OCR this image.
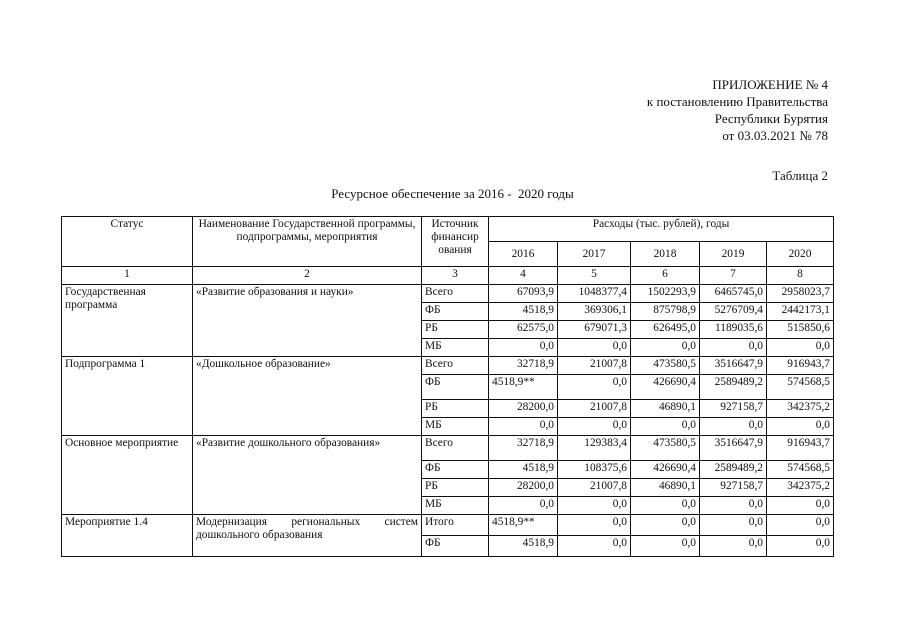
ПРИЛОЖЕНИЕ № 4
к постановлению Правительства
Республики Бурятия
от 03.03.2021 № 78
Таблица 2
Ресурсное обеспечение за 2016 -  2020 годы
Статус	Наименование Государственной программы, подпрограммы, мероприятия	Источник финансир ования	Расходы (тыс. рублей), годы				
			2016	2017	2018	2019	2020
1	2	3	4	5	6	7	8
Государственная программа	«Развитие образования и науки»	Всего	67093,9	1048377,4	1502293,9	6465745,0	2958023,7
		ФБ	4518,9	369306,1	875798,9	5276709,4	2442173,1
		РБ	62575,0	679071,3	626495,0	1189035,6	515850,6
		МБ	0,0	0,0	0,0	0,0	0,0
Подпрограмма 1	«Дошкольное образование»	Всего	32718,9	21007,8	473580,5	3516647,9	916943,7
		ФБ	4518,9**	0,0	426690,4	2589489,2	574568,5
		РБ	28200,0	21007,8	46890,1	927158,7	342375,2
		МБ	0,0	0,0	0,0	0,0	0,0
Основное мероприятие	«Развитие дошкольного образования»	Всего	32718,9	129383,4	473580,5	3516647,9	916943,7
		ФБ	4518,9	108375,6	426690,4	2589489,2	574568,5
		РБ	28200,0	21007,8	46890,1	927158,7	342375,2
		МБ	0,0	0,0	0,0	0,0	0,0
Мероприятие 1.4	Модернизация региональных систем дошкольного образования	Итого	4518,9**	0,0	0,0	0,0	0,0
		ФБ	4518,9	0,0	0,0	0,0	0,0
